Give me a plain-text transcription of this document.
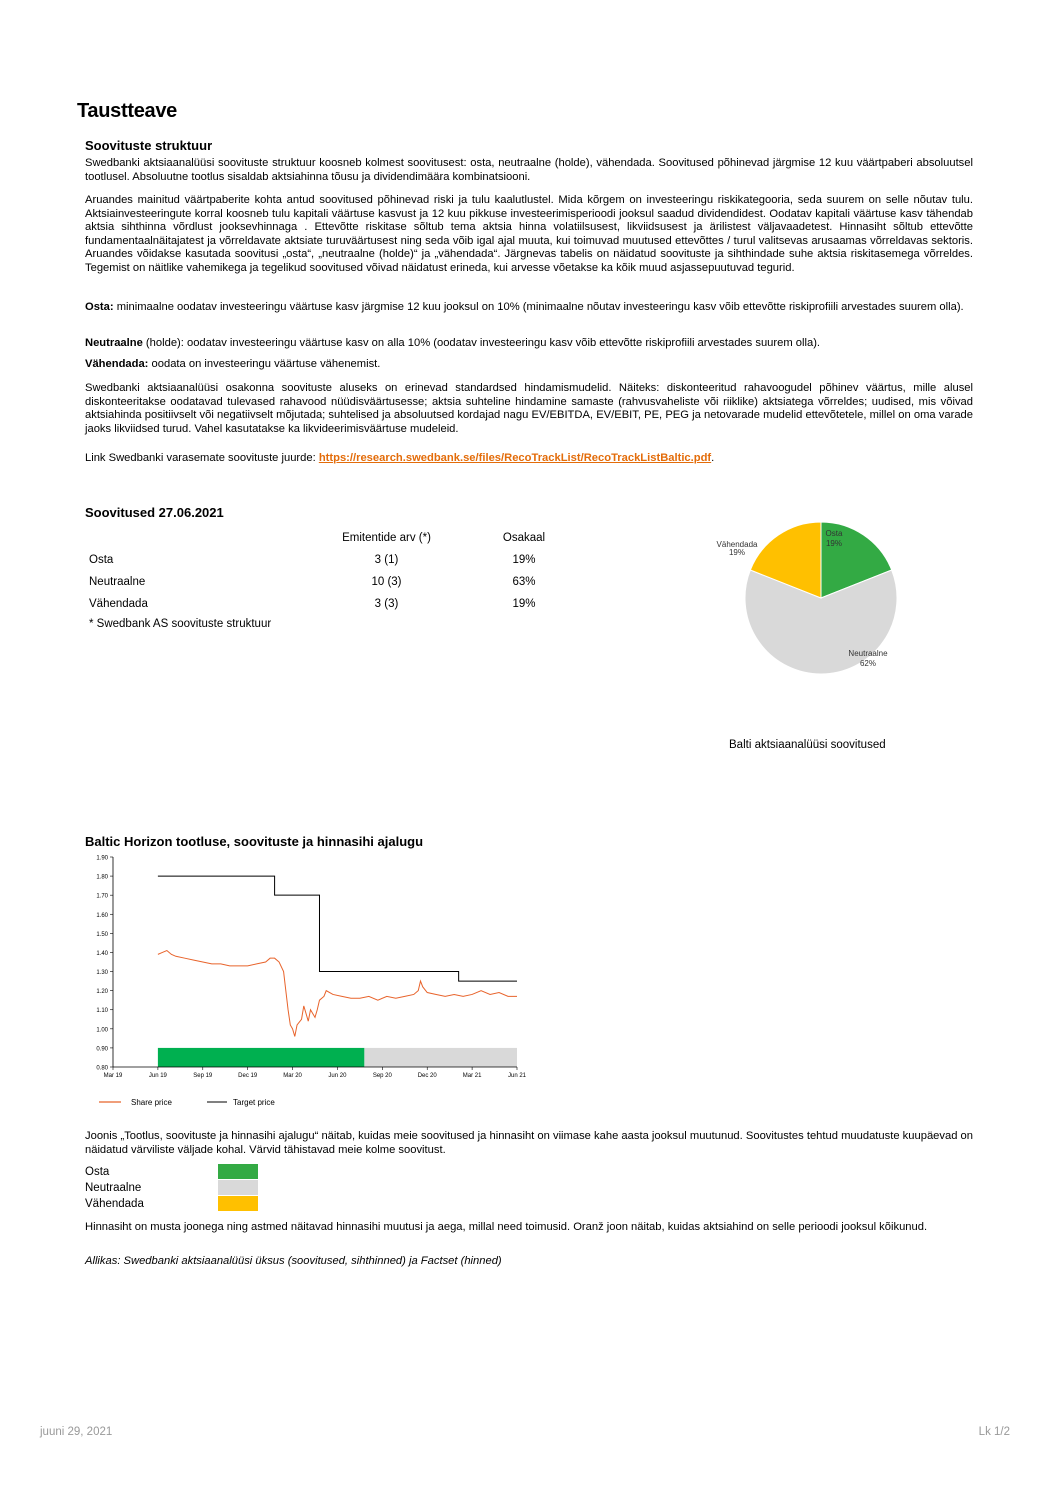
Taustteave
Soovituste struktuur
Swedbanki aktsiaanalüüsi soovituste struktuur koosneb kolmest soovitusest: osta, neutraalne (holde), vähendada. Soovitused põhinevad järgmise 12 kuu väärtpaberi absoluutsel tootlusel. Absoluutne tootlus sisaldab aktsiahinna tõusu ja dividendimäära kombinatsiooni.
Aruandes mainitud väärtpaberite kohta antud soovitused põhinevad riski ja tulu kaalutlustel. Mida kõrgem on investeeringu riskikategooria, seda suurem on selle nõutav tulu. Aktsiainvesteeringute korral koosneb tulu kapitali väärtuse kasvust ja 12 kuu pikkuse investeerimisperioodi jooksul saadud dividendidest. Oodatav kapitali väärtuse kasv tähendab aktsia sihthinna võrdlust jooksevhinnaga . Ettevõtte riskitase sõltub tema aktsia hinna volatiilsusest, likviidsusest ja ärilistest väljavaadetest. Hinnasiht sõltub ettevõtte fundamentaalnäitajatest ja võrreldavate aktsiate turuväärtusest ning seda võib igal ajal muuta, kui toimuvad muutused ettevõttes / turul valitsevas arusaamas võrreldavas sektoris. Aruandes võidakse kasutada soovitusi „osta“, „neutraalne (holde)“ ja „vähendada“. Järgnevas tabelis on näidatud soovituste ja sihthindade suhe aktsia riskitasemega võrreldes. Tegemist on näitlike vahemikega ja tegelikud soovitused võivad näidatust erineda, kui arvesse võetakse ka kõik muud asjassepuutuvad tegurid.
Osta: minimaalne oodatav investeeringu väärtuse kasv järgmise 12 kuu jooksul on 10% (minimaalne nõutav investeeringu kasv võib ettevõtte riskiprofiili arvestades suurem olla).
Neutraalne (holde): oodatav investeeringu väärtuse kasv on alla 10% (oodatav investeeringu kasv võib ettevõtte riskiprofiili arvestades suurem olla).
Vähendada: oodata on investeeringu väärtuse vähenemist.
Swedbanki aktsiaanalüüsi osakonna soovituste aluseks on erinevad standardsed hindamismudelid. Näiteks: diskonteeritud rahavoogudel põhinev väärtus, mille alusel diskonteeritakse oodatavad tulevased rahavood nüüdisväärtusesse; aktsia suhteline hindamine samaste (rahvusvaheliste või riiklike) aktsiatega võrreldes; uudised, mis võivad aktsiahinda positiivselt või negatiivselt mõjutada; suhtelised ja absoluutsed kordajad nagu EV/EBITDA, EV/EBIT, PE, PEG ja netovarade mudelid ettevõtetele, millel on oma varade jaoks likviidsed turud. Vahel kasutatakse ka likvideerimisväärtuse mudeleid.
Link Swedbanki varasemate soovituste juurde: https://research.swedbank.se/files/RecoTrackList/RecoTrackListBaltic.pdf.
Soovitused 27.06.2021
	Emitentide arv (*)	Osakaal
Osta	3 (1)	19%
Neutraalne	10 (3)	63%
Vähendada	3 (3)	19%
* Swedbank AS soovituste struktuur
Osta
19%
Vähendada
19%
Neutraalne
62%
Balti aktsiaanalüüsi soovitused
Baltic Horizon tootluse, soovituste ja hinnasihi ajalugu
1.90
1.80
1.70
1.60
1.50
1.40
1.30
1.20
1.10
1.00
0.90
0.80
Mar 19	Jun 19	Sep 19	Dec 19	Mar 20	Jun 20	Sep 20	Dec 20	Mar 21	Jun 21
Share price	Target price
Joonis „Tootlus, soovituste ja hinnasihi ajalugu“ näitab, kuidas meie soovitused ja hinnasiht on viimase kahe aasta jooksul muutunud. Soovitustes tehtud muudatuste kuupäevad on näidatud värviliste väljade kohal. Värvid tähistavad meie kolme soovitust.
Osta
Neutraalne
Vähendada
Hinnasiht on musta joonega ning astmed näitavad hinnasihi muutusi ja aega, millal need toimusid. Oranž joon näitab, kuidas aktsiahind on selle perioodi jooksul kõikunud.
Allikas: Swedbanki aktsiaanalüüsi üksus (soovitused, sihthinned) ja Factset (hinned)
juuni 29, 2021	Lk 1/2
